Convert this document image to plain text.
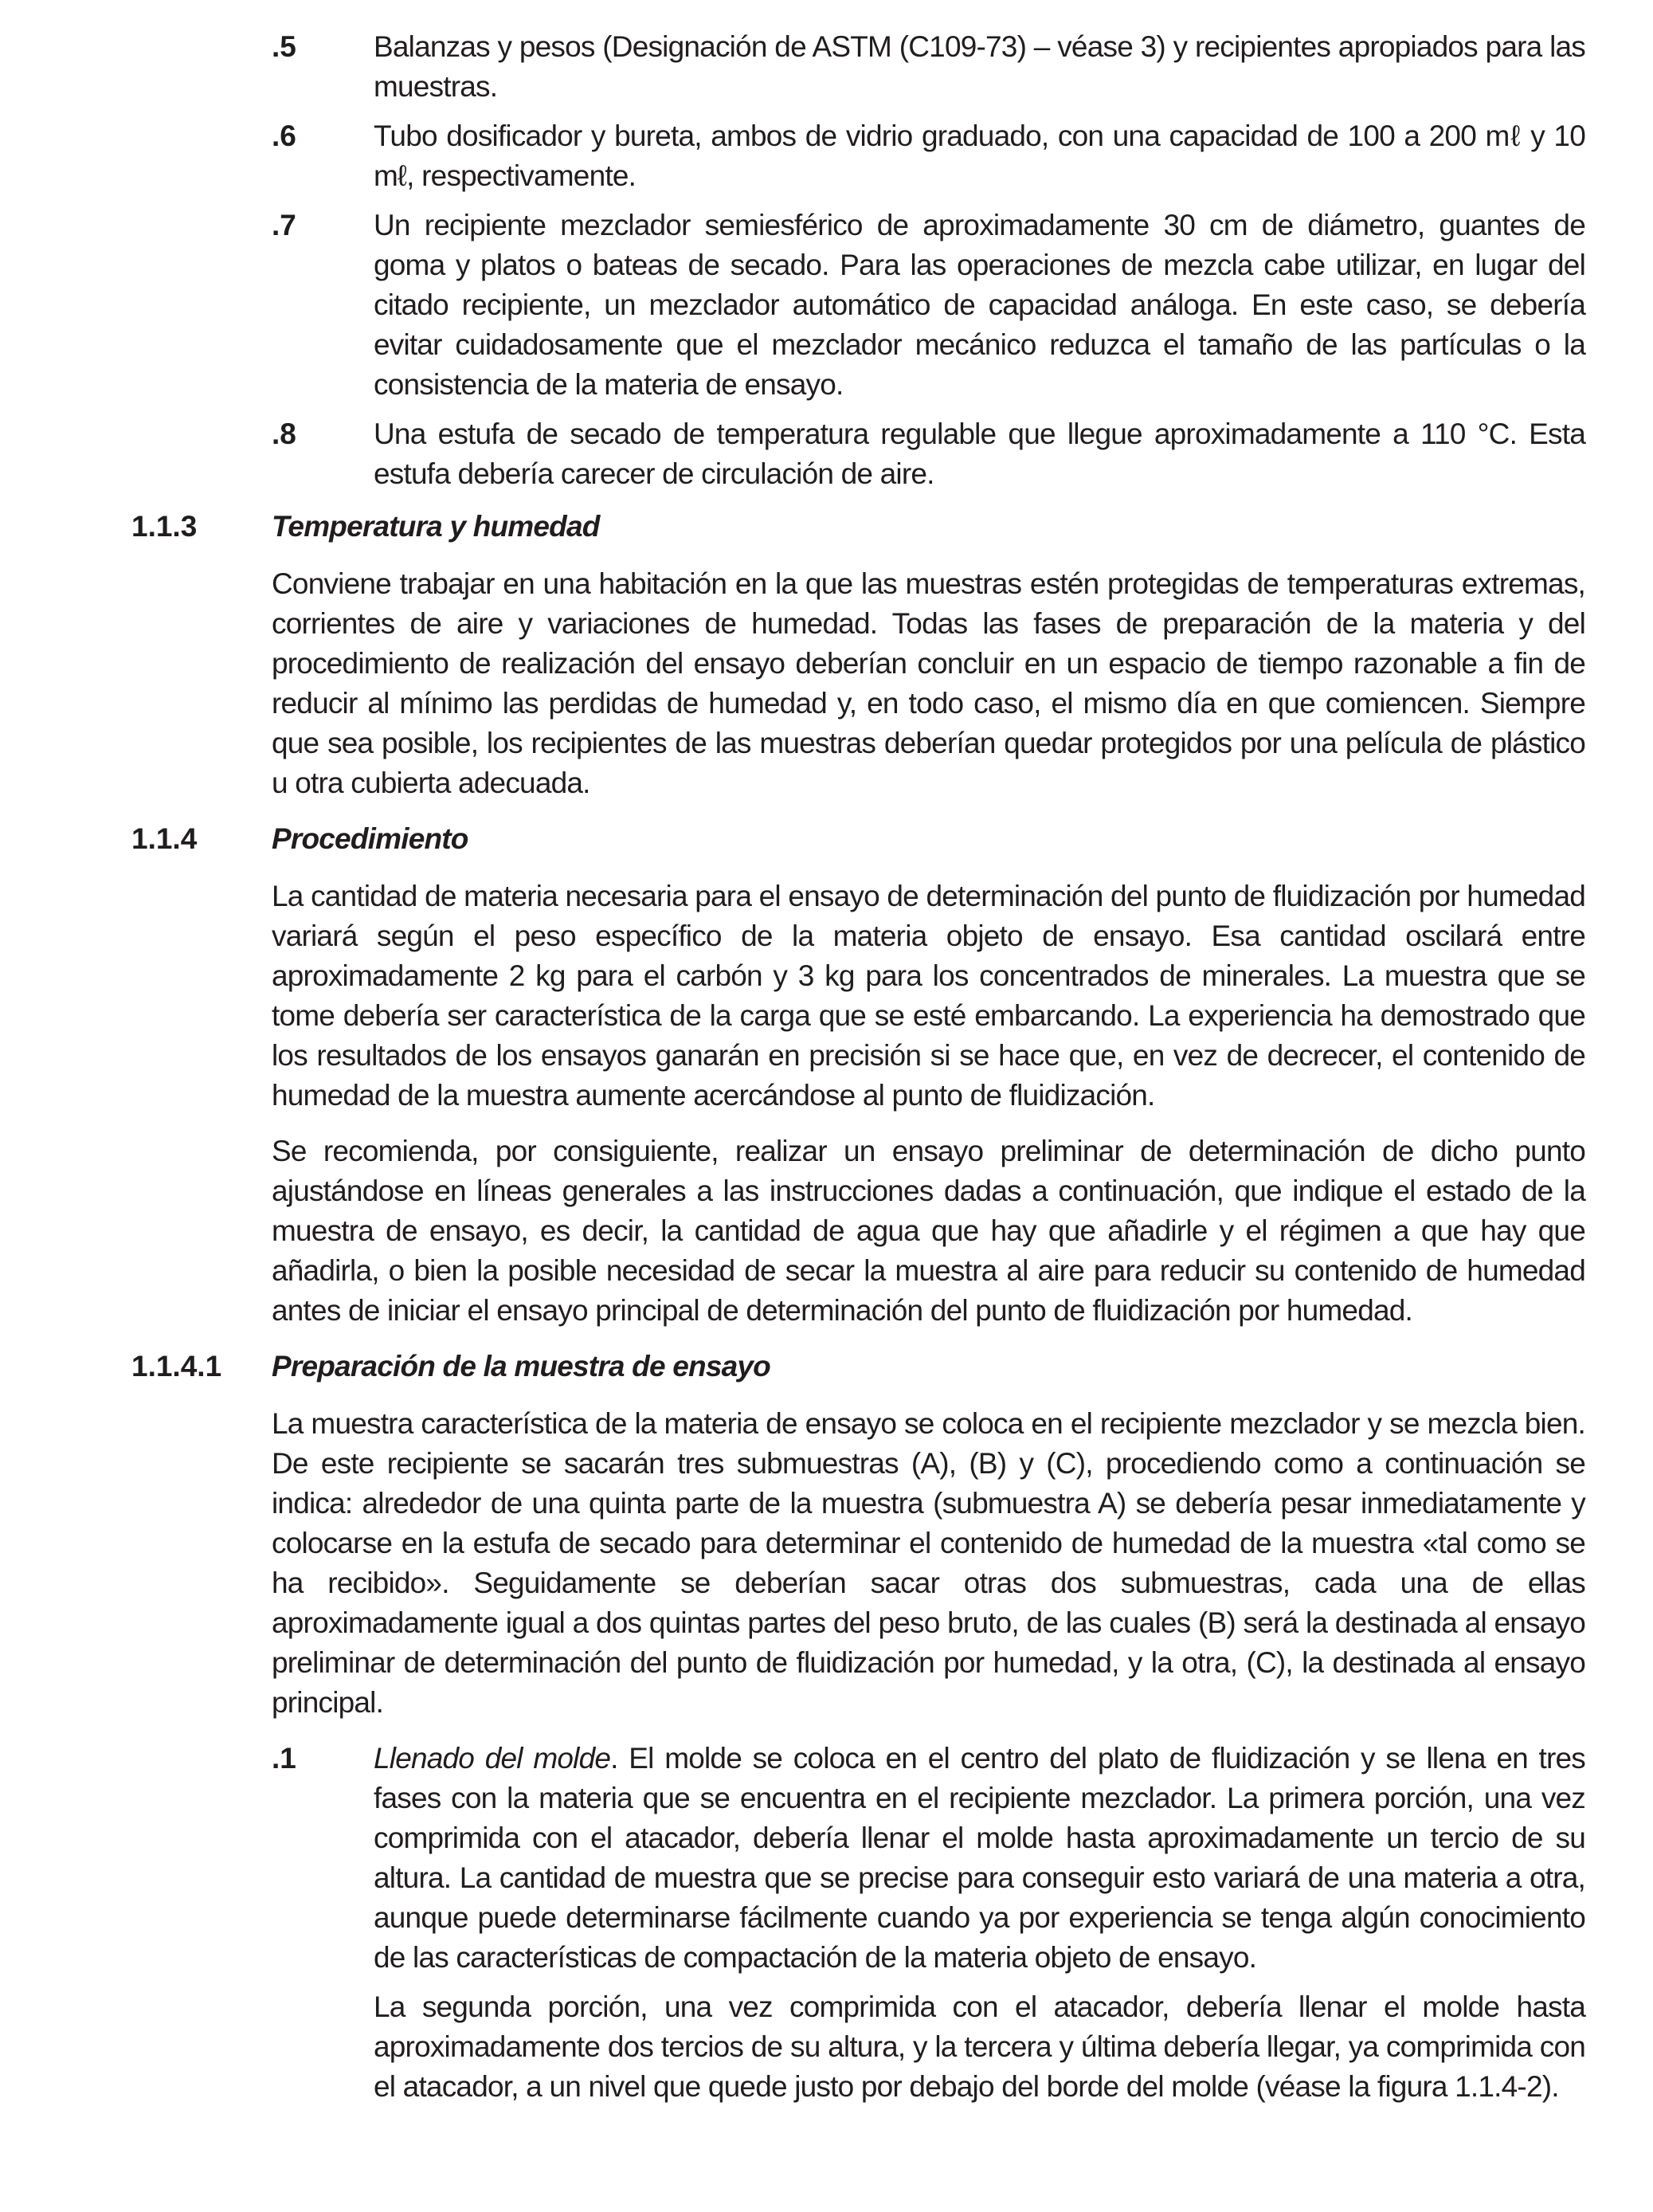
.5	Balanzas y pesos (Designación de ASTM (C109-73) – véase 3) y recipientes apropiados para las muestras.

.6	Tubo dosificador y bureta, ambos de vidrio graduado, con una capacidad de 100 a 200 mℓ y 10 mℓ, respectivamente.

.7	Un recipiente mezclador semiesférico de aproximadamente 30 cm de diámetro, guantes de goma y platos o bateas de secado. Para las operaciones de mezcla cabe utilizar, en lugar del citado recipiente, un mezclador automático de capacidad análoga. En este caso, se debería evitar cuidadosamente que el mezclador mecánico reduzca el tamaño de las partículas o la consistencia de la materia de ensayo.

.8	Una estufa de secado de temperatura regulable que llegue aproximadamente a 110 °C. Esta estufa debería carecer de circulación de aire.

1.1.3	Temperatura y humedad

Conviene trabajar en una habitación en la que las muestras estén protegidas de temperaturas extremas, corrientes de aire y variaciones de humedad. Todas las fases de preparación de la materia y del procedimiento de realización del ensayo deberían concluir en un espacio de tiempo razonable a fin de reducir al mínimo las perdidas de humedad y, en todo caso, el mismo día en que comiencen. Siempre que sea posible, los recipientes de las muestras deberían quedar protegidos por una película de plástico u otra cubierta adecuada.

1.1.4	Procedimiento

La cantidad de materia necesaria para el ensayo de determinación del punto de fluidización por humedad variará según el peso específico de la materia objeto de ensayo. Esa cantidad oscilará entre aproximadamente 2 kg para el carbón y 3 kg para los concentrados de minerales. La muestra que se tome debería ser característica de la carga que se esté embarcando. La experiencia ha demostrado que los resultados de los ensayos ganarán en precisión si se hace que, en vez de decrecer, el contenido de humedad de la muestra aumente acercándose al punto de fluidización.

Se recomienda, por consiguiente, realizar un ensayo preliminar de determinación de dicho punto ajustándose en líneas generales a las instrucciones dadas a continuación, que indique el estado de la muestra de ensayo, es decir, la cantidad de agua que hay que añadirle y el régimen a que hay que añadirla, o bien la posible necesidad de secar la muestra al aire para reducir su contenido de humedad antes de iniciar el ensayo principal de determinación del punto de fluidización por humedad.

1.1.4.1 Preparación de la muestra de ensayo

La muestra característica de la materia de ensayo se coloca en el recipiente mezclador y se mezcla bien. De este recipiente se sacarán tres submuestras (A), (B) y (C), procediendo como a continuación se indica: alrededor de una quinta parte de la muestra (submuestra A) se debería pesar inmediatamente y colocarse en la estufa de secado para determinar el contenido de humedad de la muestra «tal como se ha recibido». Seguidamente se deberían sacar otras dos submuestras, cada una de ellas aproximadamente igual a dos quintas partes del peso bruto, de las cuales (B) será la destinada al ensayo preliminar de determinación del punto de fluidización por humedad, y la otra, (C), la destinada al ensayo principal.

.1	Llenado del molde. El molde se coloca en el centro del plato de fluidización y se llena en tres fases con la materia que se encuentra en el recipiente mezclador. La primera porción, una vez comprimida con el atacador, debería llenar el molde hasta aproximadamente un tercio de su altura. La cantidad de muestra que se precise para conseguir esto variará de una materia a otra, aunque puede determinarse fácilmente cuando ya por experiencia se tenga algún conocimiento de las características de compactación de la materia objeto de ensayo.

La segunda porción, una vez comprimida con el atacador, debería llenar el molde hasta aproximadamente dos tercios de su altura, y la tercera y última debería llegar, ya comprimida con el atacador, a un nivel que quede justo por debajo del borde del molde (véase la figura 1.1.4-2).
